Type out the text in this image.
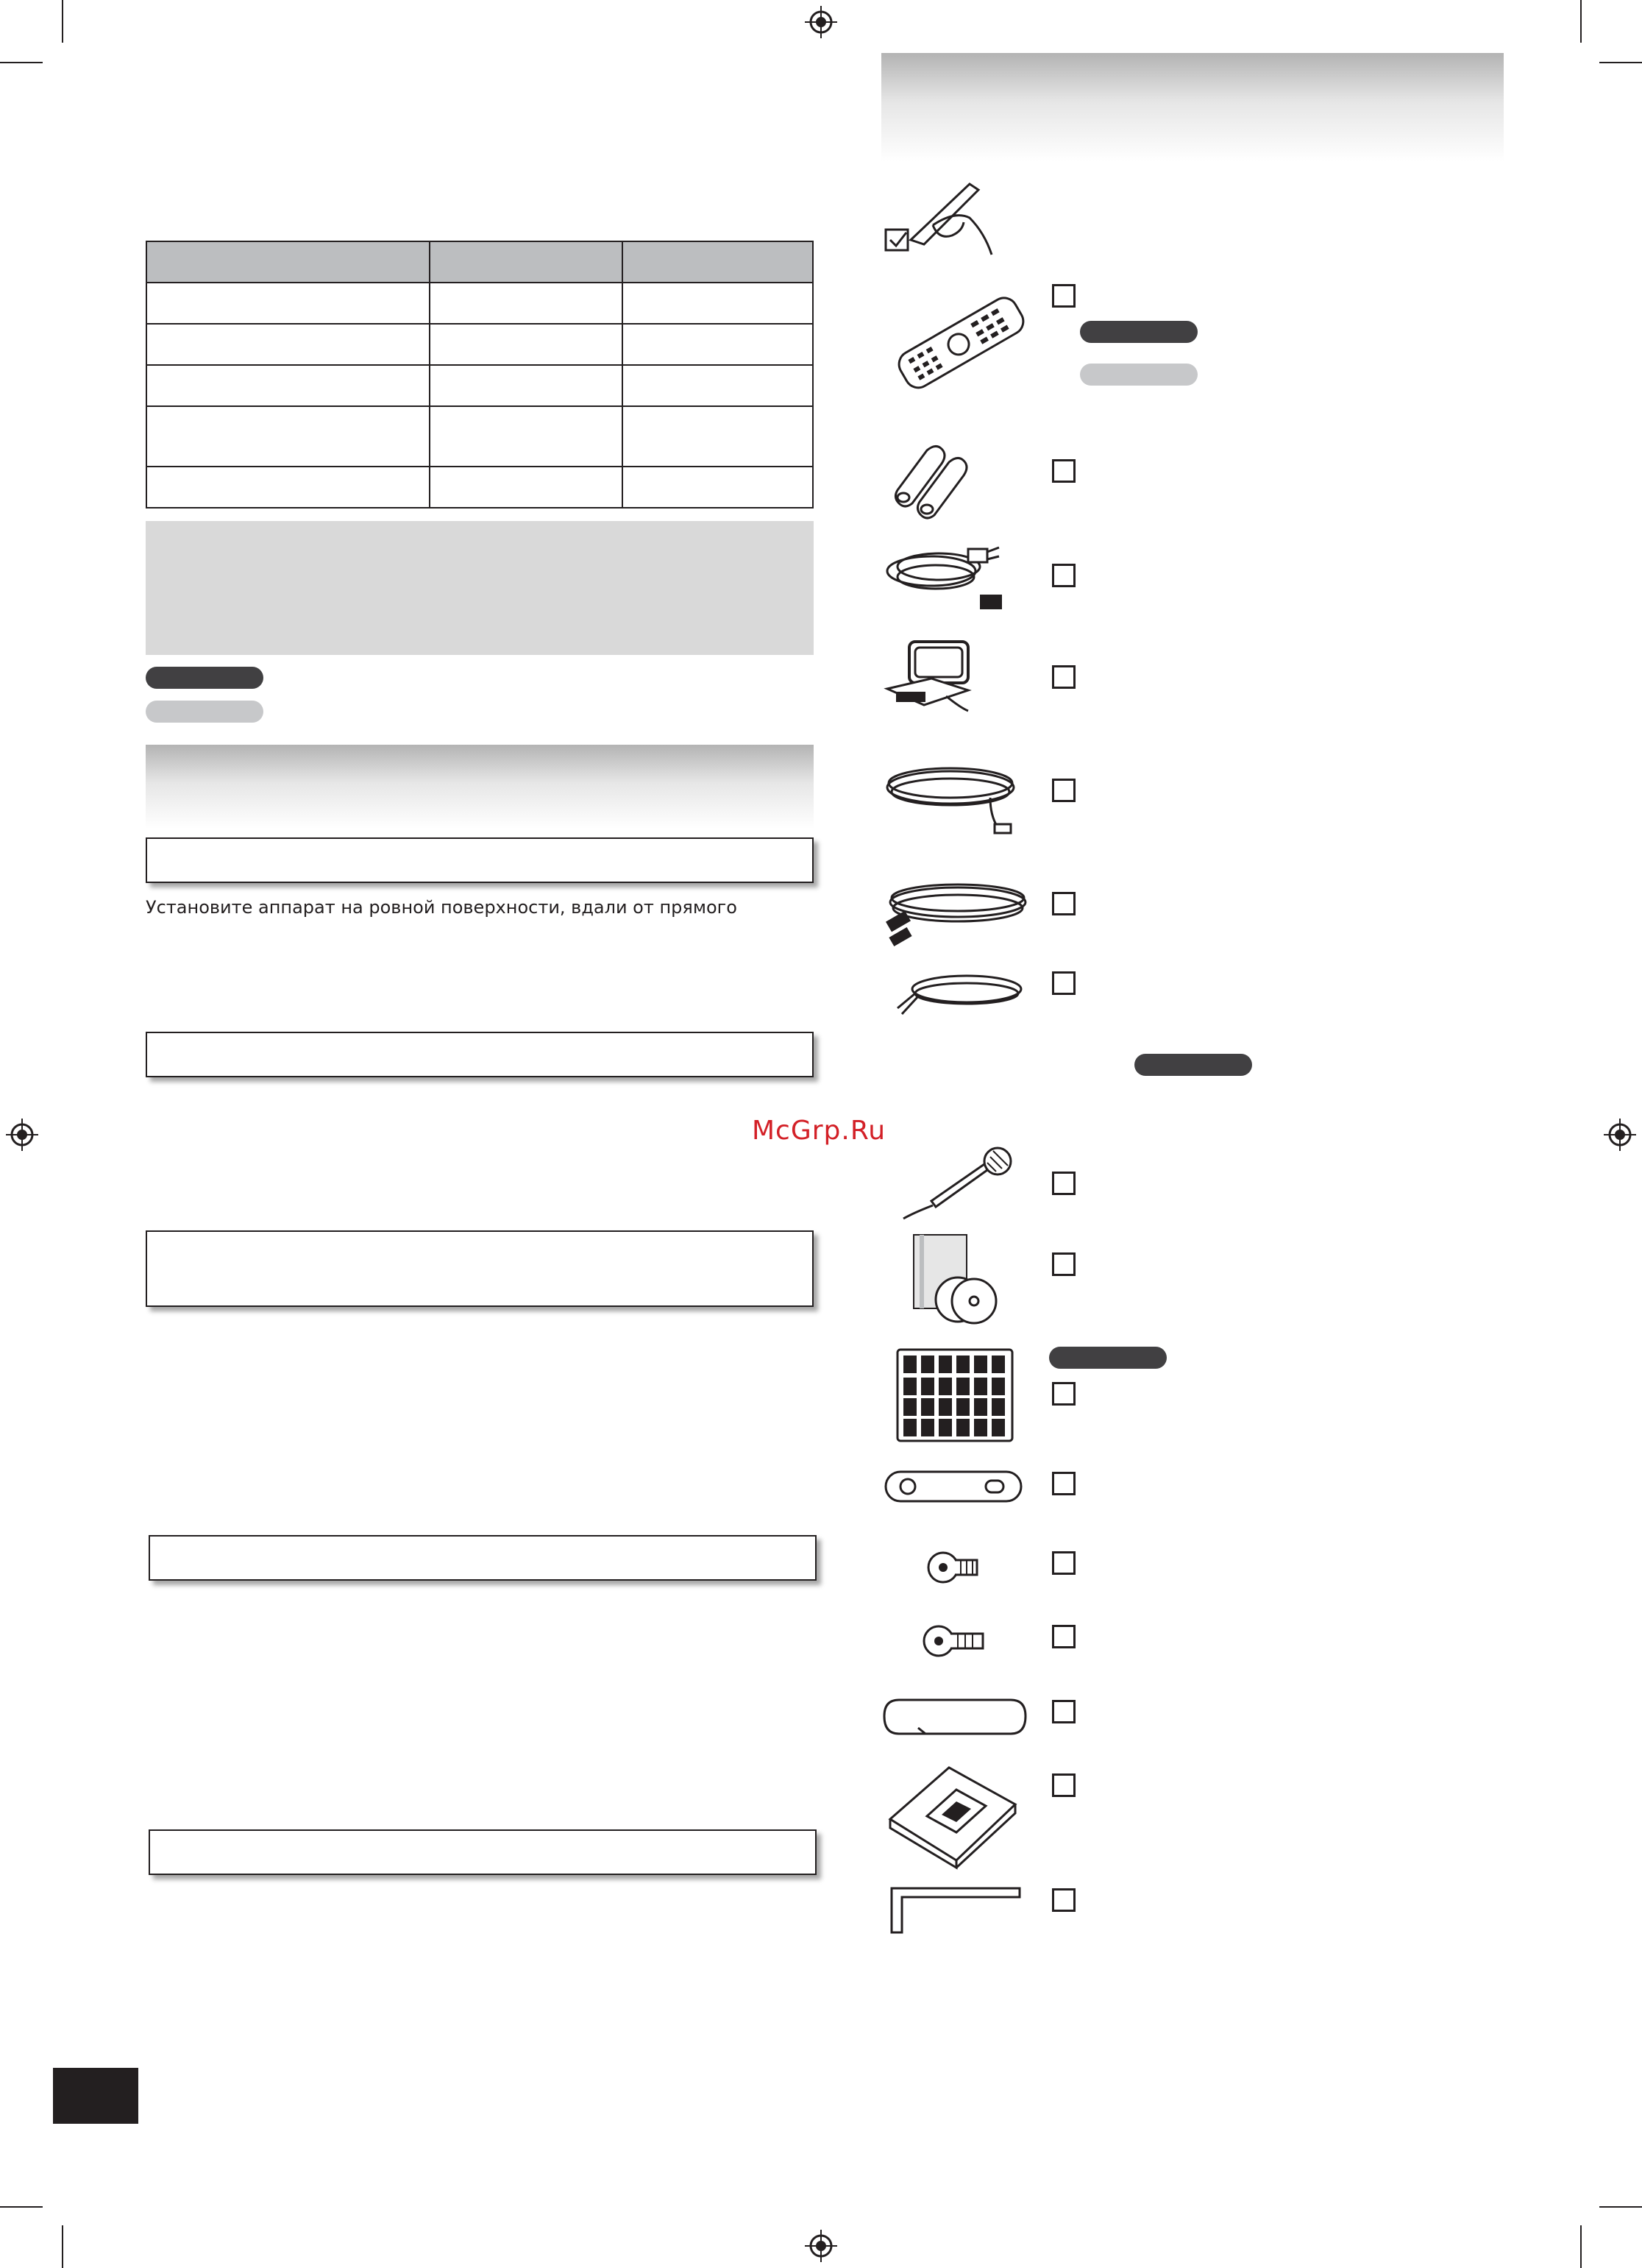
Установите аппарат на ровной поверхности, вдали от прямого
McGrp.Ru
